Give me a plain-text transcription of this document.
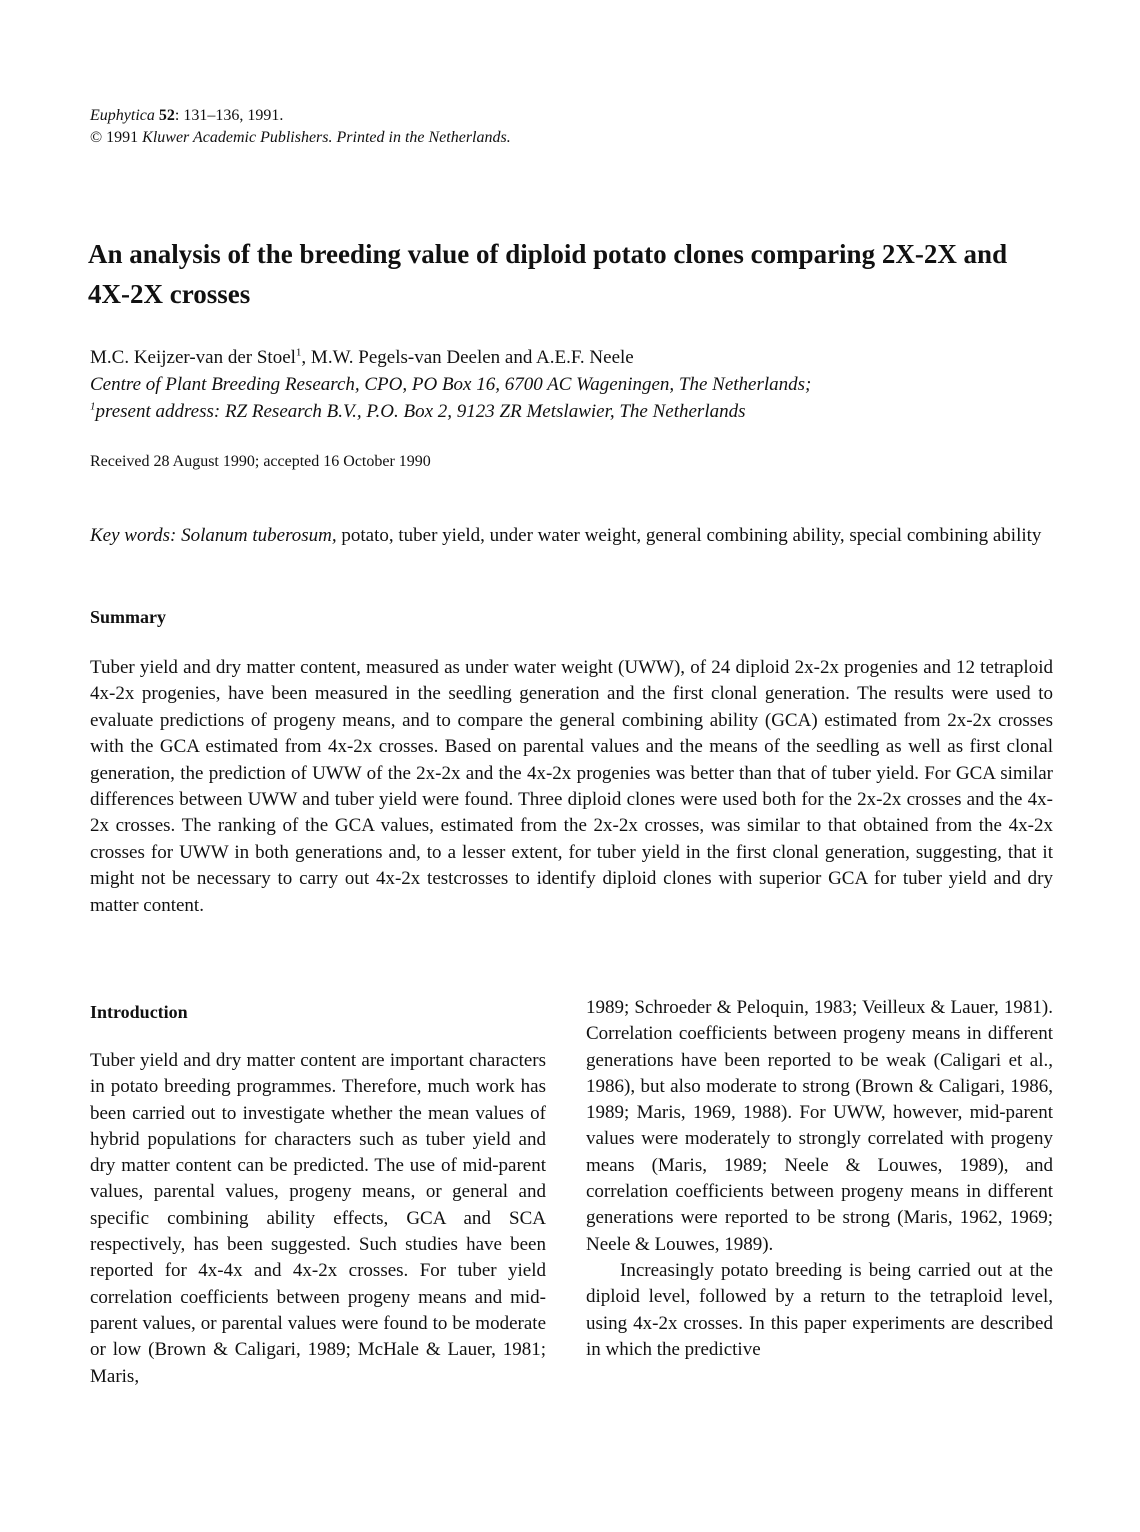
Euphytica 52: 131–136, 1991.
© 1991 Kluwer Academic Publishers. Printed in the Netherlands.
An analysis of the breeding value of diploid potato clones comparing 2X-2X and 4X-2X crosses
M.C. Keijzer-van der Stoel$^1$, M.W. Pegels-van Deelen and A.E.F. Neele
Centre of Plant Breeding Research, CPO, PO Box 16, 6700 AC Wageningen, The Netherlands;
$^1$present address: RZ Research B.V., P.O. Box 2, 9123 ZR Metslawier, The Netherlands
Received 28 August 1990; accepted 16 October 1990
Key words: Solanum tuberosum, potato, tuber yield, under water weight, general combining ability, special combining ability
Summary
Tuber yield and dry matter content, measured as under water weight (UWW), of 24 diploid 2x-2x progenies and 12 tetraploid 4x-2x progenies, have been measured in the seedling generation and the first clonal generation. The results were used to evaluate predictions of progeny means, and to compare the general combining ability (GCA) estimated from 2x-2x crosses with the GCA estimated from 4x-2x crosses. Based on parental values and the means of the seedling as well as first clonal generation, the prediction of UWW of the 2x-2x and the 4x-2x progenies was better than that of tuber yield. For GCA similar differences between UWW and tuber yield were found. Three diploid clones were used both for the 2x-2x crosses and the 4x-2x crosses. The ranking of the GCA values, estimated from the 2x-2x crosses, was similar to that obtained from the 4x-2x crosses for UWW in both generations and, to a lesser extent, for tuber yield in the first clonal generation, suggesting, that it might not be necessary to carry out 4x-2x testcrosses to identify diploid clones with superior GCA for tuber yield and dry matter content.
Introduction
Tuber yield and dry matter content are important characters in potato breeding programmes. Therefore, much work has been carried out to investigate whether the mean values of hybrid populations for characters such as tuber yield and dry matter content can be predicted. The use of mid-parent values, parental values, progeny means, or general and specific combining ability effects, GCA and SCA respectively, has been suggested. Such studies have been reported for 4x-4x and 4x-2x crosses. For tuber yield correlation coefficients between progeny means and mid-parent values, or parental values were found to be moderate or low (Brown & Caligari, 1989; McHale & Lauer, 1981; Maris,

1989; Schroeder & Peloquin, 1983; Veilleux & Lauer, 1981). Correlation coefficients between progeny means in different generations have been reported to be weak (Caligari et al., 1986), but also moderate to strong (Brown & Caligari, 1986, 1989; Maris, 1969, 1988). For UWW, however, mid-parent values were moderately to strongly correlated with progeny means (Maris, 1989; Neele & Louwes, 1989), and correlation coefficients between progeny means in different generations were reported to be strong (Maris, 1962, 1969; Neele & Louwes, 1989).

Increasingly potato breeding is being carried out at the diploid level, followed by a return to the tetraploid level, using 4x-2x crosses. In this paper experiments are described in which the predictive
